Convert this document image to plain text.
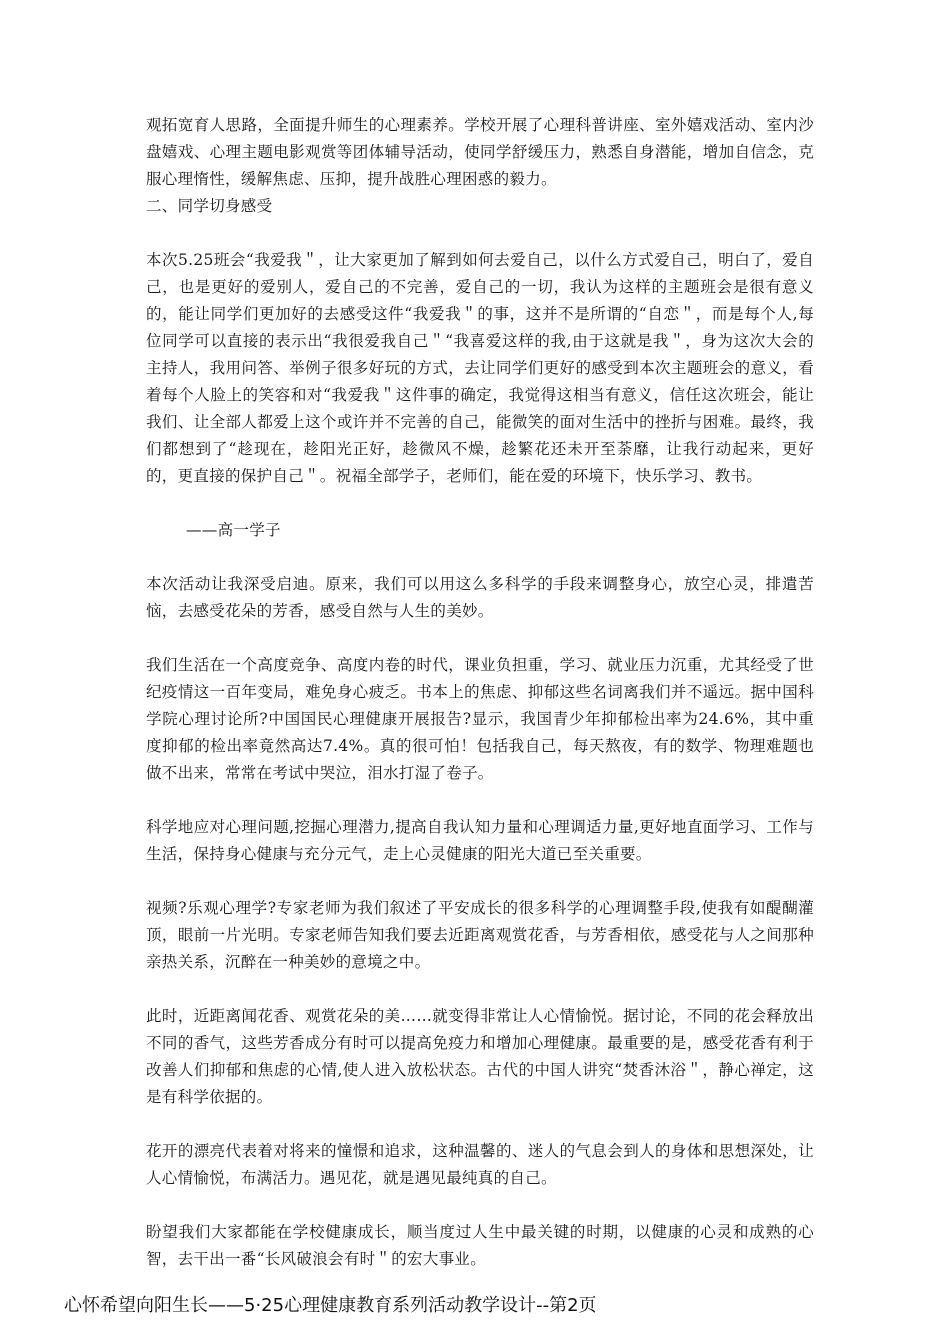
观拓宽育人思路，全面提升师生的心理素养。学校开展了心理科普讲座、室外嬉戏活动、室内沙盘嬉戏、心理主题电影观赏等团体辅导活动，使同学舒缓压力，熟悉自身潜能，增加自信念，克服心理惰性，缓解焦虑、压抑，提升战胜心理困惑的毅力。

二、同学切身感受

本次5.25班会“我爱我＂，让大家更加了解到如何去爱自己，以什么方式爱自己，明白了，爱自己，也是更好的爱别人，爱自己的不完善，爱自己的一切，我认为这样的主题班会是很有意义的，能让同学们更加好的去感受这件“我爱我＂的事，这并不是所谓的“自恋＂，而是每个人,每位同学可以直接的表示出“我很爱我自己＂“我喜爱这样的我,由于这就是我＂，身为这次大会的主持人，我用问答、举例子很多好玩的方式，去让同学们更好的感受到本次主题班会的意义，看着每个人脸上的笑容和对“我爱我＂这件事的确定，我觉得这相当有意义，信任这次班会，能让我们、让全部人都爱上这个或许并不完善的自己，能微笑的面对生活中的挫折与困难。最终，我们都想到了“趁现在，趁阳光正好，趁微风不燥，趁繁花还未开至荼靡，让我行动起来，更好的，更直接的保护自己＂。祝福全部学子，老师们，能在爱的环境下，快乐学习、教书。

——高一学子

本次活动让我深受启迪。原来，我们可以用这么多科学的手段来调整身心，放空心灵，排遣苦恼，去感受花朵的芳香，感受自然与人生的美妙。

我们生活在一个高度竞争、高度内卷的时代，课业负担重，学习、就业压力沉重，尤其经受了世纪疫情这一百年变局，难免身心疲乏。书本上的焦虑、抑郁这些名词离我们并不遥远。据中国科学院心理讨论所?中国国民心理健康开展报告?显示，我国青少年抑郁检出率为24.6%，其中重度抑郁的检出率竟然高达7.4%。真的很可怕！包括我自己，每天熬夜，有的数学、物理难题也做不出来，常常在考试中哭泣，泪水打湿了卷子。

科学地应对心理问题,挖掘心理潜力,提高自我认知力量和心理调适力量,更好地直面学习、工作与生活，保持身心健康与充分元气，走上心灵健康的阳光大道已至关重要。

视频?乐观心理学?专家老师为我们叙述了平安成长的很多科学的心理调整手段,使我有如醍醐灌顶，眼前一片光明。专家老师告知我们要去近距离观赏花香，与芳香相依，感受花与人之间那种亲热关系，沉醉在一种美妙的意境之中。

此时，近距离闻花香、观赏花朵的美……就变得非常让人心情愉悦。据讨论，不同的花会释放出不同的香气，这些芳香成分有时可以提高免疫力和增加心理健康。最重要的是，感受花香有利于改善人们抑郁和焦虑的心情,使人进入放松状态。古代的中国人讲究“焚香沐浴＂，静心禅定，这是有科学依据的。

花开的漂亮代表着对将来的憧憬和追求，这种温馨的、迷人的气息会到人的身体和思想深处，让人心情愉悦，布满活力。遇见花，就是遇见最纯真的自己。

盼望我们大家都能在学校健康成长，顺当度过人生中最关键的时期，以健康的心灵和成熟的心智，去干出一番“长风破浪会有时＂的宏大事业。

心怀希望向阳生长——5·25心理健康教育系列活动教学设计--第2页
